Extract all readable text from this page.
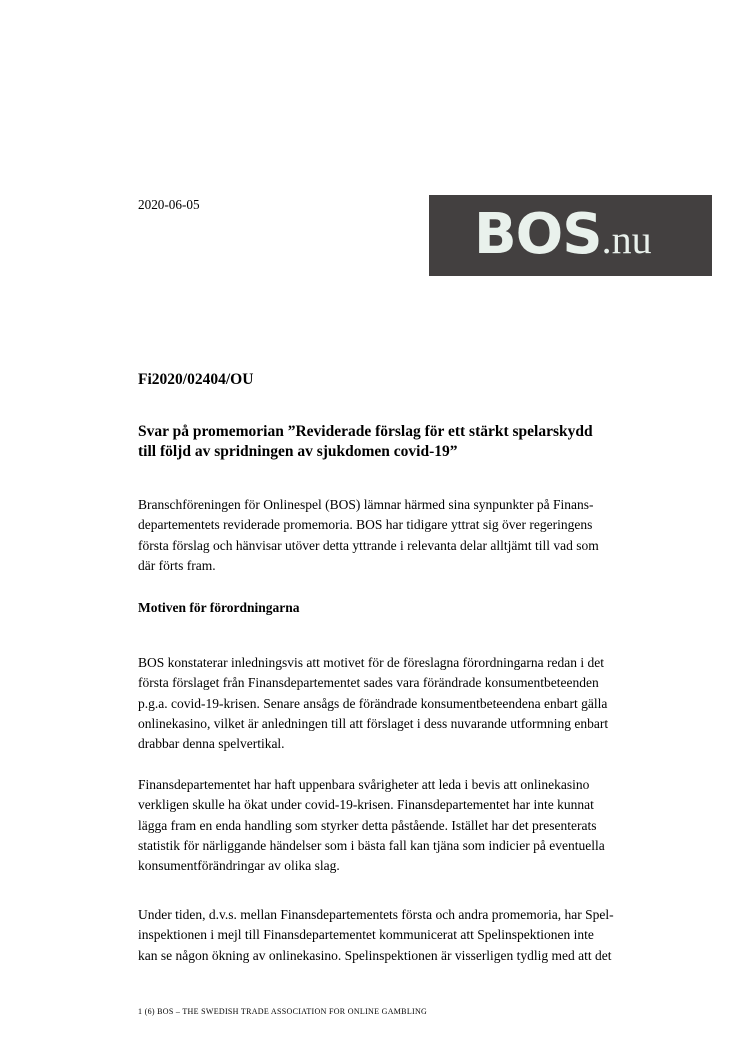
2020-06-05	BOS.nu
Fi2020/02404/OU
Svar på promemorian ”Reviderade förslag för ett stärkt spelarskydd
till följd av spridningen av sjukdomen covid-19”
Branschföreningen för Onlinespel (BOS) lämnar härmed sina synpunkter på Finans-
departementets reviderade promemoria. BOS har tidigare yttrat sig över regeringens
första förslag och hänvisar utöver detta yttrande i relevanta delar alltjämt till vad som
där förts fram.
Motiven för förordningarna
BOS konstaterar inledningsvis att motivet för de föreslagna förordningarna redan i det
första förslaget från Finansdepartementet sades vara förändrade konsumentbeteenden
p.g.a. covid-19-krisen. Senare ansågs de förändrade konsumentbeteendena enbart gälla
onlinekasino, vilket är anledningen till att förslaget i dess nuvarande utformning enbart
drabbar denna spelvertikal.
Finansdepartementet har haft uppenbara svårigheter att leda i bevis att onlinekasino
verkligen skulle ha ökat under covid-19-krisen. Finansdepartementet har inte kunnat
lägga fram en enda handling som styrker detta påstående. Istället har det presenterats
statistik för närliggande händelser som i bästa fall kan tjäna som indicier på eventuella
konsumentförändringar av olika slag.
Under tiden, d.v.s. mellan Finansdepartementets första och andra promemoria, har Spel-
inspektionen i mejl till Finansdepartementet kommunicerat att Spelinspektionen inte
kan se någon ökning av onlinekasino. Spelinspektionen är visserligen tydlig med att det
1 (6) BOS – THE SWEDISH TRADE ASSOCIATION FOR ONLINE GAMBLING
